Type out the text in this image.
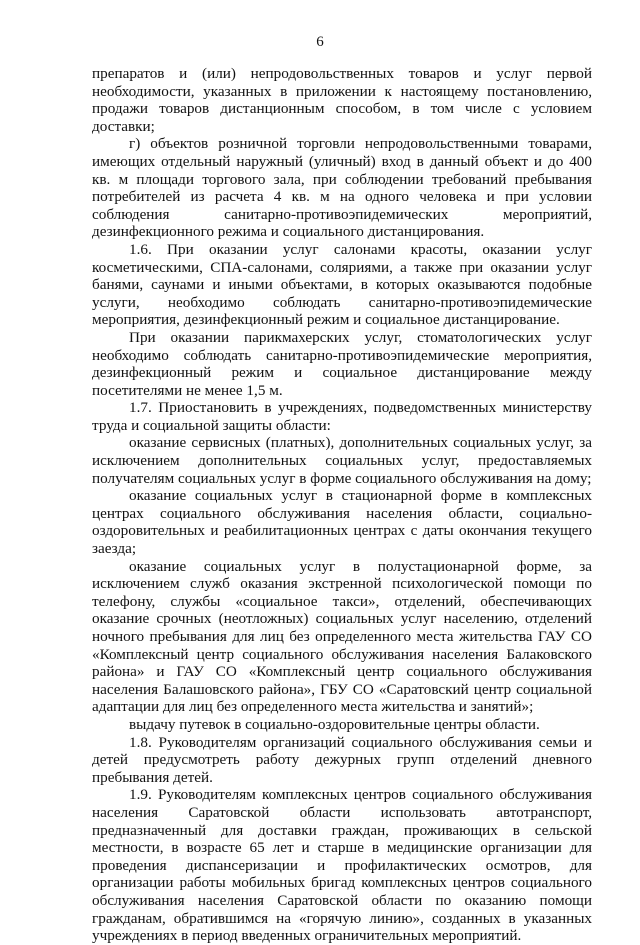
6

препаратов и (или) непродовольственных товаров и услуг первой необходимости, указанных в приложении к настоящему постановлению, продажи товаров дистанционным способом, в том числе с условием доставки;

г) объектов розничной торговли непродовольственными товарами, имеющих отдельный наружный (уличный) вход в данный объект и до 400 кв. м площади торгового зала, при соблюдении требований пребывания потребителей из расчета 4 кв. м на одного человека и при условии соблюдения санитарно-противоэпидемических мероприятий, дезинфекционного режима и социального дистанцирования.

1.6. При оказании услуг салонами красоты, оказании услуг косметическими, СПА-салонами, соляриями, а также при оказании услуг банями, саунами и иными объектами, в которых оказываются подобные услуги, необходимо соблюдать санитарно-противоэпидемические мероприятия, дезинфекционный режим и социальное дистанцирование.

При оказании парикмахерских услуг, стоматологических услуг необходимо соблюдать санитарно-противоэпидемические мероприятия, дезинфекционный режим и социальное дистанцирование между посетителями не менее 1,5 м.

1.7. Приостановить в учреждениях, подведомственных министерству труда и социальной защиты области:

оказание сервисных (платных), дополнительных социальных услуг, за исключением дополнительных социальных услуг, предоставляемых получателям социальных услуг в форме социального обслуживания на дому;

оказание социальных услуг в стационарной форме в комплексных центрах социального обслуживания населения области, социально-оздоровительных и реабилитационных центрах с даты окончания текущего заезда;

оказание социальных услуг в полустационарной форме, за исключением служб оказания экстренной психологической помощи по телефону, службы «социальное такси», отделений, обеспечивающих оказание срочных (неотложных) социальных услуг населению, отделений ночного пребывания для лиц без определенного места жительства ГАУ СО «Комплексный центр социального обслуживания населения Балаковского района» и ГАУ СО «Комплексный центр социального обслуживания населения Балашовского района», ГБУ СО «Саратовский центр социальной адаптации для лиц без определенного места жительства и занятий»;

выдачу путевок в социально-оздоровительные центры области.

1.8. Руководителям организаций социального обслуживания семьи и детей предусмотреть работу дежурных групп отделений дневного пребывания детей.

1.9. Руководителям комплексных центров социального обслуживания населения Саратовской области использовать автотранспорт, предназначенный для доставки граждан, проживающих в сельской местности, в возрасте 65 лет и старше в медицинские организации для проведения диспансеризации и профилактических осмотров, для организации работы мобильных бригад комплексных центров социального обслуживания населения Саратовской области по оказанию помощи гражданам, обратившимся на «горячую линию», созданных в указанных учреждениях в период введенных ограничительных мероприятий.
